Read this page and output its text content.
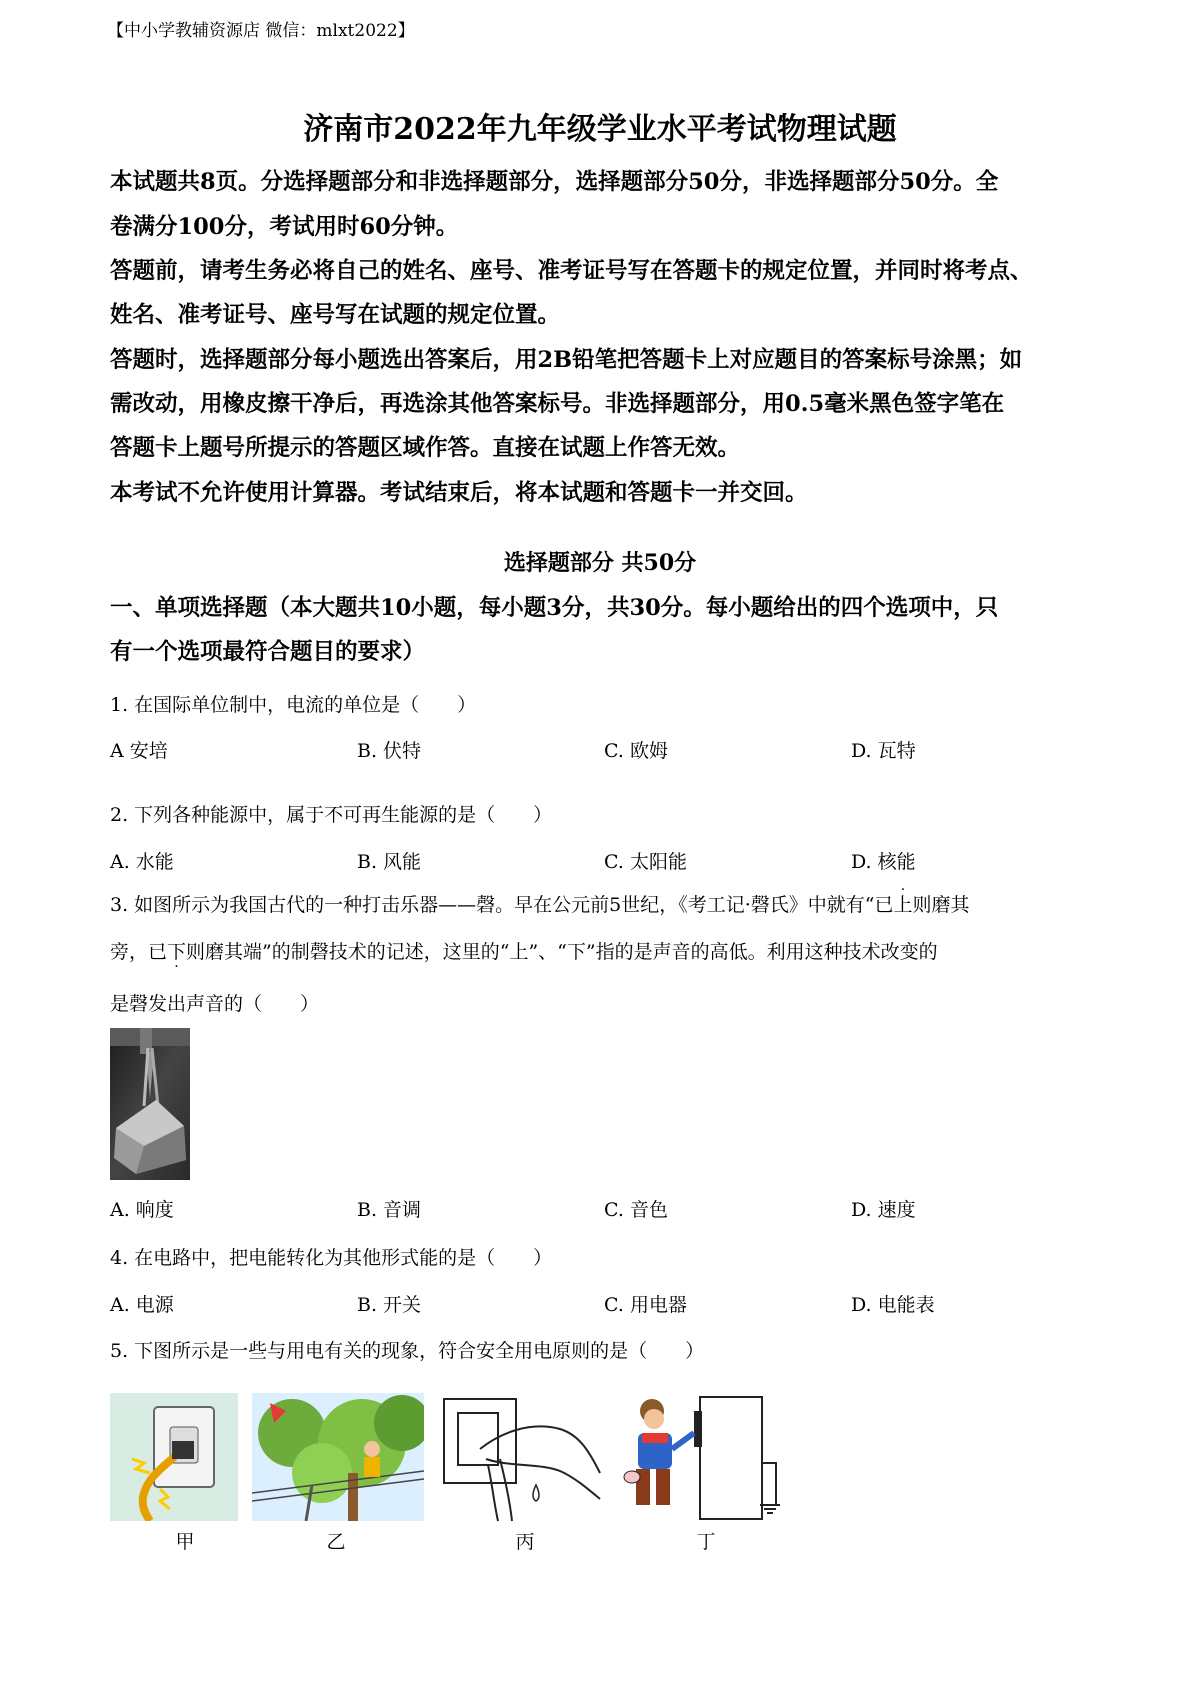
【中小学教辅资源店 微信：mlxt2022】
济南市2022年九年级学业水平考试物理试题
本试题共8页。分选择题部分和非选择题部分，选择题部分50分，非选择题部分50分。全
卷满分100分，考试用时60分钟。
答题前，请考生务必将自己的姓名、座号、准考证号写在答题卡的规定位置，并同时将考点、
姓名、准考证号、座号写在试题的规定位置。
答题时，选择题部分每小题选出答案后，用2B铅笔把答题卡上对应题目的答案标号涂黑；如
需改动，用橡皮擦干净后，再选涂其他答案标号。非选择题部分，用0.5毫米黑色签字笔在
答题卡上题号所提示的答题区域作答。直接在试题上作答无效。
本考试不允许使用计算器。考试结束后，将本试题和答题卡一并交回。
选择题部分 共50分
一、单项选择题（本大题共10小题，每小题3分，共30分。每小题给出的四个选项中，只
有一个选项最符合题目的要求）
1. 在国际单位制中，电流的单位是（　　）
A 安培	B. 伏特	C. 欧姆	D. 瓦特
2. 下列各种能源中，属于不可再生能源的是（　　）
A. 水能	B. 风能	C. 太阳能	D. 核能
3. 如图所示为我国古代的一种打击乐器——磬。早在公元前5世纪，《考工记·磬氏》中就有“已上则磨其
旁，已下则磨其端”的制磬技术的记述，这里的“上”、“下”指的是声音的高低。利用这种技术改变的
是磬发出声音的（　　）
A. 响度	B. 音调	C. 音色	D. 速度
4. 在电路中，把电能转化为其他形式能的是（　　）
A. 电源	B. 开关	C. 用电器	D. 电能表
5. 下图所示是一些与用电有关的现象，符合安全用电原则的是（　　）
甲	乙	丙	丁
